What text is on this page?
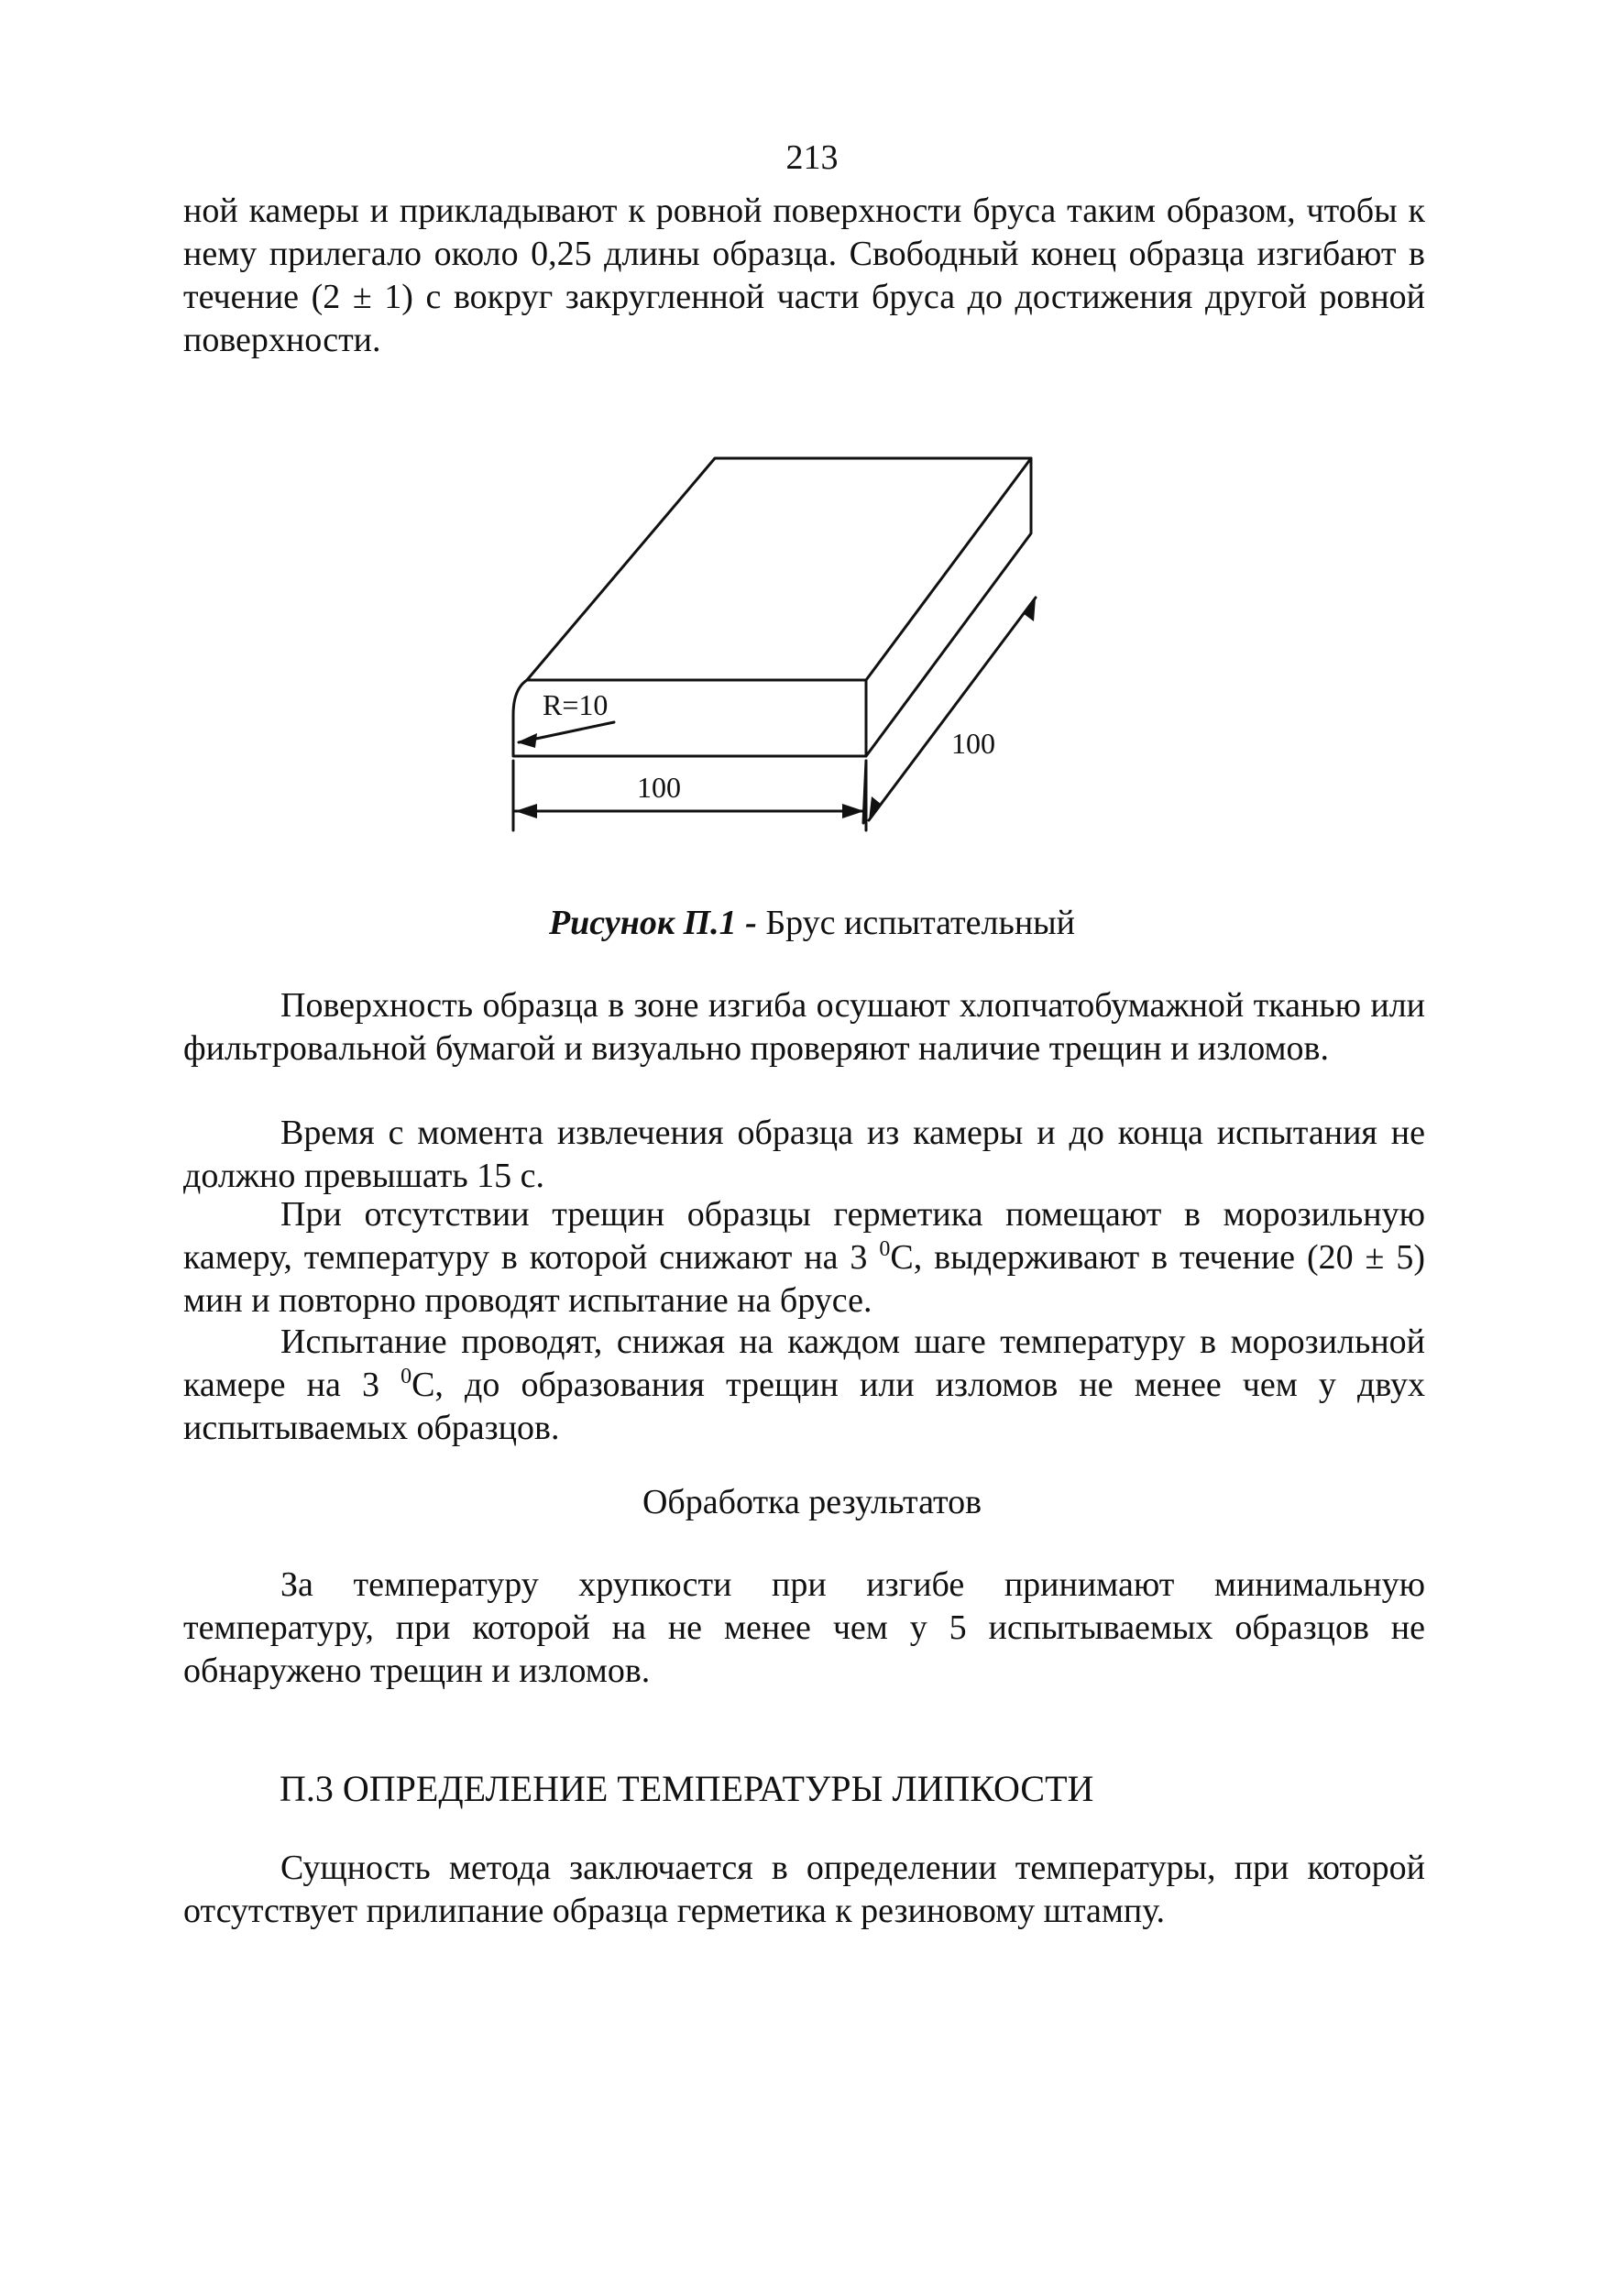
213

ной камеры и прикладывают к ровной поверхности бруса таким образом, чтобы к нему прилегало около 0,25 длины образца. Свободный конец образца изгибают в течение (2 ± 1) с вокруг закругленной части бруса до достижения другой ровной поверхности.

R=10
100
100
Рисунок П.1 - Брус испытательный

Поверхность образца в зоне изгиба осушают хлопчатобумажной тканью или фильтровальной бумагой и визуально проверяют наличие трещин и изломов.

Время с момента извлечения образца из камеры и до конца испытания не должно превышать 15 с.

При отсутствии трещин образцы герметика помещают в морозильную камеру, температуру в которой снижают на 3 $^0$С, выдерживают в течение (20 ± 5) мин и повторно проводят испытание на брусе.

Испытание проводят, снижая на каждом шаге температуру в морозильной камере на 3 $^0$С, до образования трещин или изломов не менее чем у двух испытываемых образцов.

Обработка результатов

За температуру хрупкости при изгибе принимают минимальную температуру, при которой на не менее чем у 5 испытываемых образцов не обнаружено трещин и изломов.

П.3 ОПРЕДЕЛЕНИЕ ТЕМПЕРАТУРЫ ЛИПКОСТИ

Сущность метода заключается в определении температуры, при которой отсутствует прилипание образца герметика к резиновому штампу.
